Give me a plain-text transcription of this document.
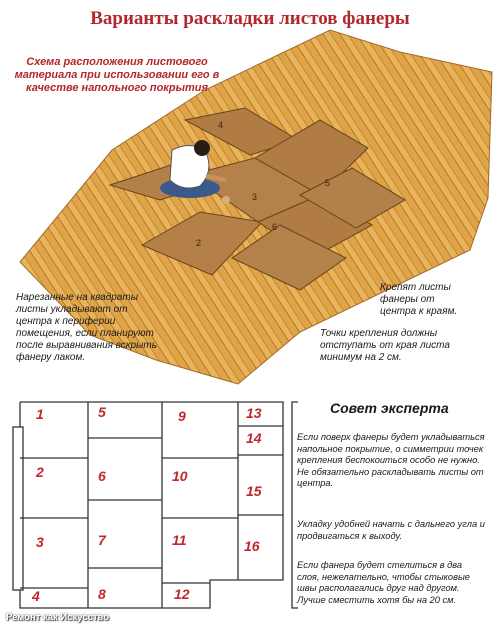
Варианты раскладки листов фанеры
4
3
5
6
2
Схема расположения листового материала при использовании его в качестве напольного покрытия
Нарезанные на квадраты листы укладывают от центра к периферии помещения, если планируют после выравнивания вскрыть фанеру лаком.
Крепят листы фанеры от центра к краям.
Точки крепления должны отступать от края листа минимум на 2 см.
1
2
3
4
5
6
7
8
9
10
11
12
13
14
15
16
Совет эксперта
Если поверх фанеры будет укладываться напольное покрытие, о симметрии точек крепления беспокоиться особо не нужно. Не обязательно раскладывать листы от центра.
Укладку удобней начать с дальнего угла и продвигаться к выходу.
Если фанера будет стелиться в два слоя, нежелательно, чтобы стыковые швы располагались друг над другом. Лучше сместить хотя бы на 20 см.
Ремонт как Искусство
